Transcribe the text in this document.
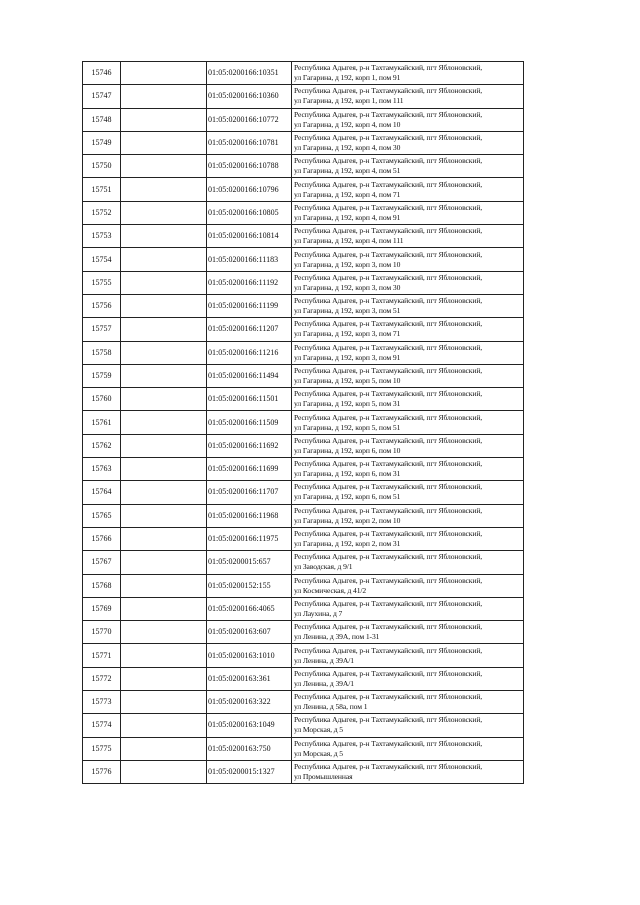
15746		01:05:0200166:10351	Республика Адыгея, р-н Тахтамукайский, пгт Яблоновский,
ул Гагарина, д 192, корп 1, пом 91

15747		01:05:0200166:10360	Республика Адыгея, р-н Тахтамукайский, пгт Яблоновский,
ул Гагарина, д 192, корп 1, пом 111

15748		01:05:0200166:10772	Республика Адыгея, р-н Тахтамукайский, пгт Яблоновский,
ул Гагарина, д 192, корп 4, пом 10

15749		01:05:0200166:10781	Республика Адыгея, р-н Тахтамукайский, пгт Яблоновский,
ул Гагарина, д 192, корп 4, пом 30

15750		01:05:0200166:10788	Республика Адыгея, р-н Тахтамукайский, пгт Яблоновский,
ул Гагарина, д 192, корп 4, пом 51

15751		01:05:0200166:10796	Республика Адыгея, р-н Тахтамукайский, пгт Яблоновский,
ул Гагарина, д 192, корп 4, пом 71

15752		01:05:0200166:10805	Республика Адыгея, р-н Тахтамукайский, пгт Яблоновский,
ул Гагарина, д 192, корп 4, пом 91

15753		01:05:0200166:10814	Республика Адыгея, р-н Тахтамукайский, пгт Яблоновский,
ул Гагарина, д 192, корп 4, пом 111

15754		01:05:0200166:11183	Республика Адыгея, р-н Тахтамукайский, пгт Яблоновский,
ул Гагарина, д 192, корп 3, пом 10

15755		01:05:0200166:11192	Республика Адыгея, р-н Тахтамукайский, пгт Яблоновский,
ул Гагарина, д 192, корп 3, пом 30

15756		01:05:0200166:11199	Республика Адыгея, р-н Тахтамукайский, пгт Яблоновский,
ул Гагарина, д 192, корп 3, пом 51

15757		01:05:0200166:11207	Республика Адыгея, р-н Тахтамукайский, пгт Яблоновский,
ул Гагарина, д 192, корп 3, пом 71

15758		01:05:0200166:11216	Республика Адыгея, р-н Тахтамукайский, пгт Яблоновский,
ул Гагарина, д 192, корп 3, пом 91

15759		01:05:0200166:11494	Республика Адыгея, р-н Тахтамукайский, пгт Яблоновский,
ул Гагарина, д 192, корп 5, пом 10

15760		01:05:0200166:11501	Республика Адыгея, р-н Тахтамукайский, пгт Яблоновский,
ул Гагарина, д 192, корп 5, пом 31

15761		01:05:0200166:11509	Республика Адыгея, р-н Тахтамукайский, пгт Яблоновский,
ул Гагарина, д 192, корп 5, пом 51

15762		01:05:0200166:11692	Республика Адыгея, р-н Тахтамукайский, пгт Яблоновский,
ул Гагарина, д 192, корп 6, пом 10

15763		01:05:0200166:11699	Республика Адыгея, р-н Тахтамукайский, пгт Яблоновский,
ул Гагарина, д 192, корп 6, пом 31

15764		01:05:0200166:11707	Республика Адыгея, р-н Тахтамукайский, пгт Яблоновский,
ул Гагарина, д 192, корп 6, пом 51

15765		01:05:0200166:11968	Республика Адыгея, р-н Тахтамукайский, пгт Яблоновский,
ул Гагарина, д 192, корп 2, пом 10

15766		01:05:0200166:11975	Республика Адыгея, р-н Тахтамукайский, пгт Яблоновский,
ул Гагарина, д 192, корп 2, пом 31

15767		01:05:0200015:657	Республика Адыгея, р-н Тахтамукайский, пгт Яблоновский,
ул Заводская, д 9/1

15768		01:05:0200152:155	Республика Адыгея, р-н Тахтамукайский, пгт Яблоновский,
ул Космическая, д 41/2

15769		01:05:0200166:4065	Республика Адыгея, р-н Тахтамукайский, пгт Яблоновский,
ул Лаухина, д 7

15770		01:05:0200163:607	Республика Адыгея, р-н Тахтамукайский, пгт Яблоновский,
ул Ленина, д 39А, пом 1-31

15771		01:05:0200163:1010	Республика Адыгея, р-н Тахтамукайский, пгт Яблоновский,
ул Ленина, д 39А/1

15772		01:05:0200163:361	Республика Адыгея, р-н Тахтамукайский, пгт Яблоновский,
ул Ленина, д 39А/1

15773		01:05:0200163:322	Республика Адыгея, р-н Тахтамукайский, пгт Яблоновский,
ул Ленина, д 58а, пом 1

15774		01:05:0200163:1049	Республика Адыгея, р-н Тахтамукайский, пгт Яблоновский,
ул Морская, д 5

15775		01:05:0200163:750	Республика Адыгея, р-н Тахтамукайский, пгт Яблоновский,
ул Морская, д 5

15776		01:05:0200015:1327	Республика Адыгея, р-н Тахтамукайский, пгт Яблоновский,
ул Промышленная
